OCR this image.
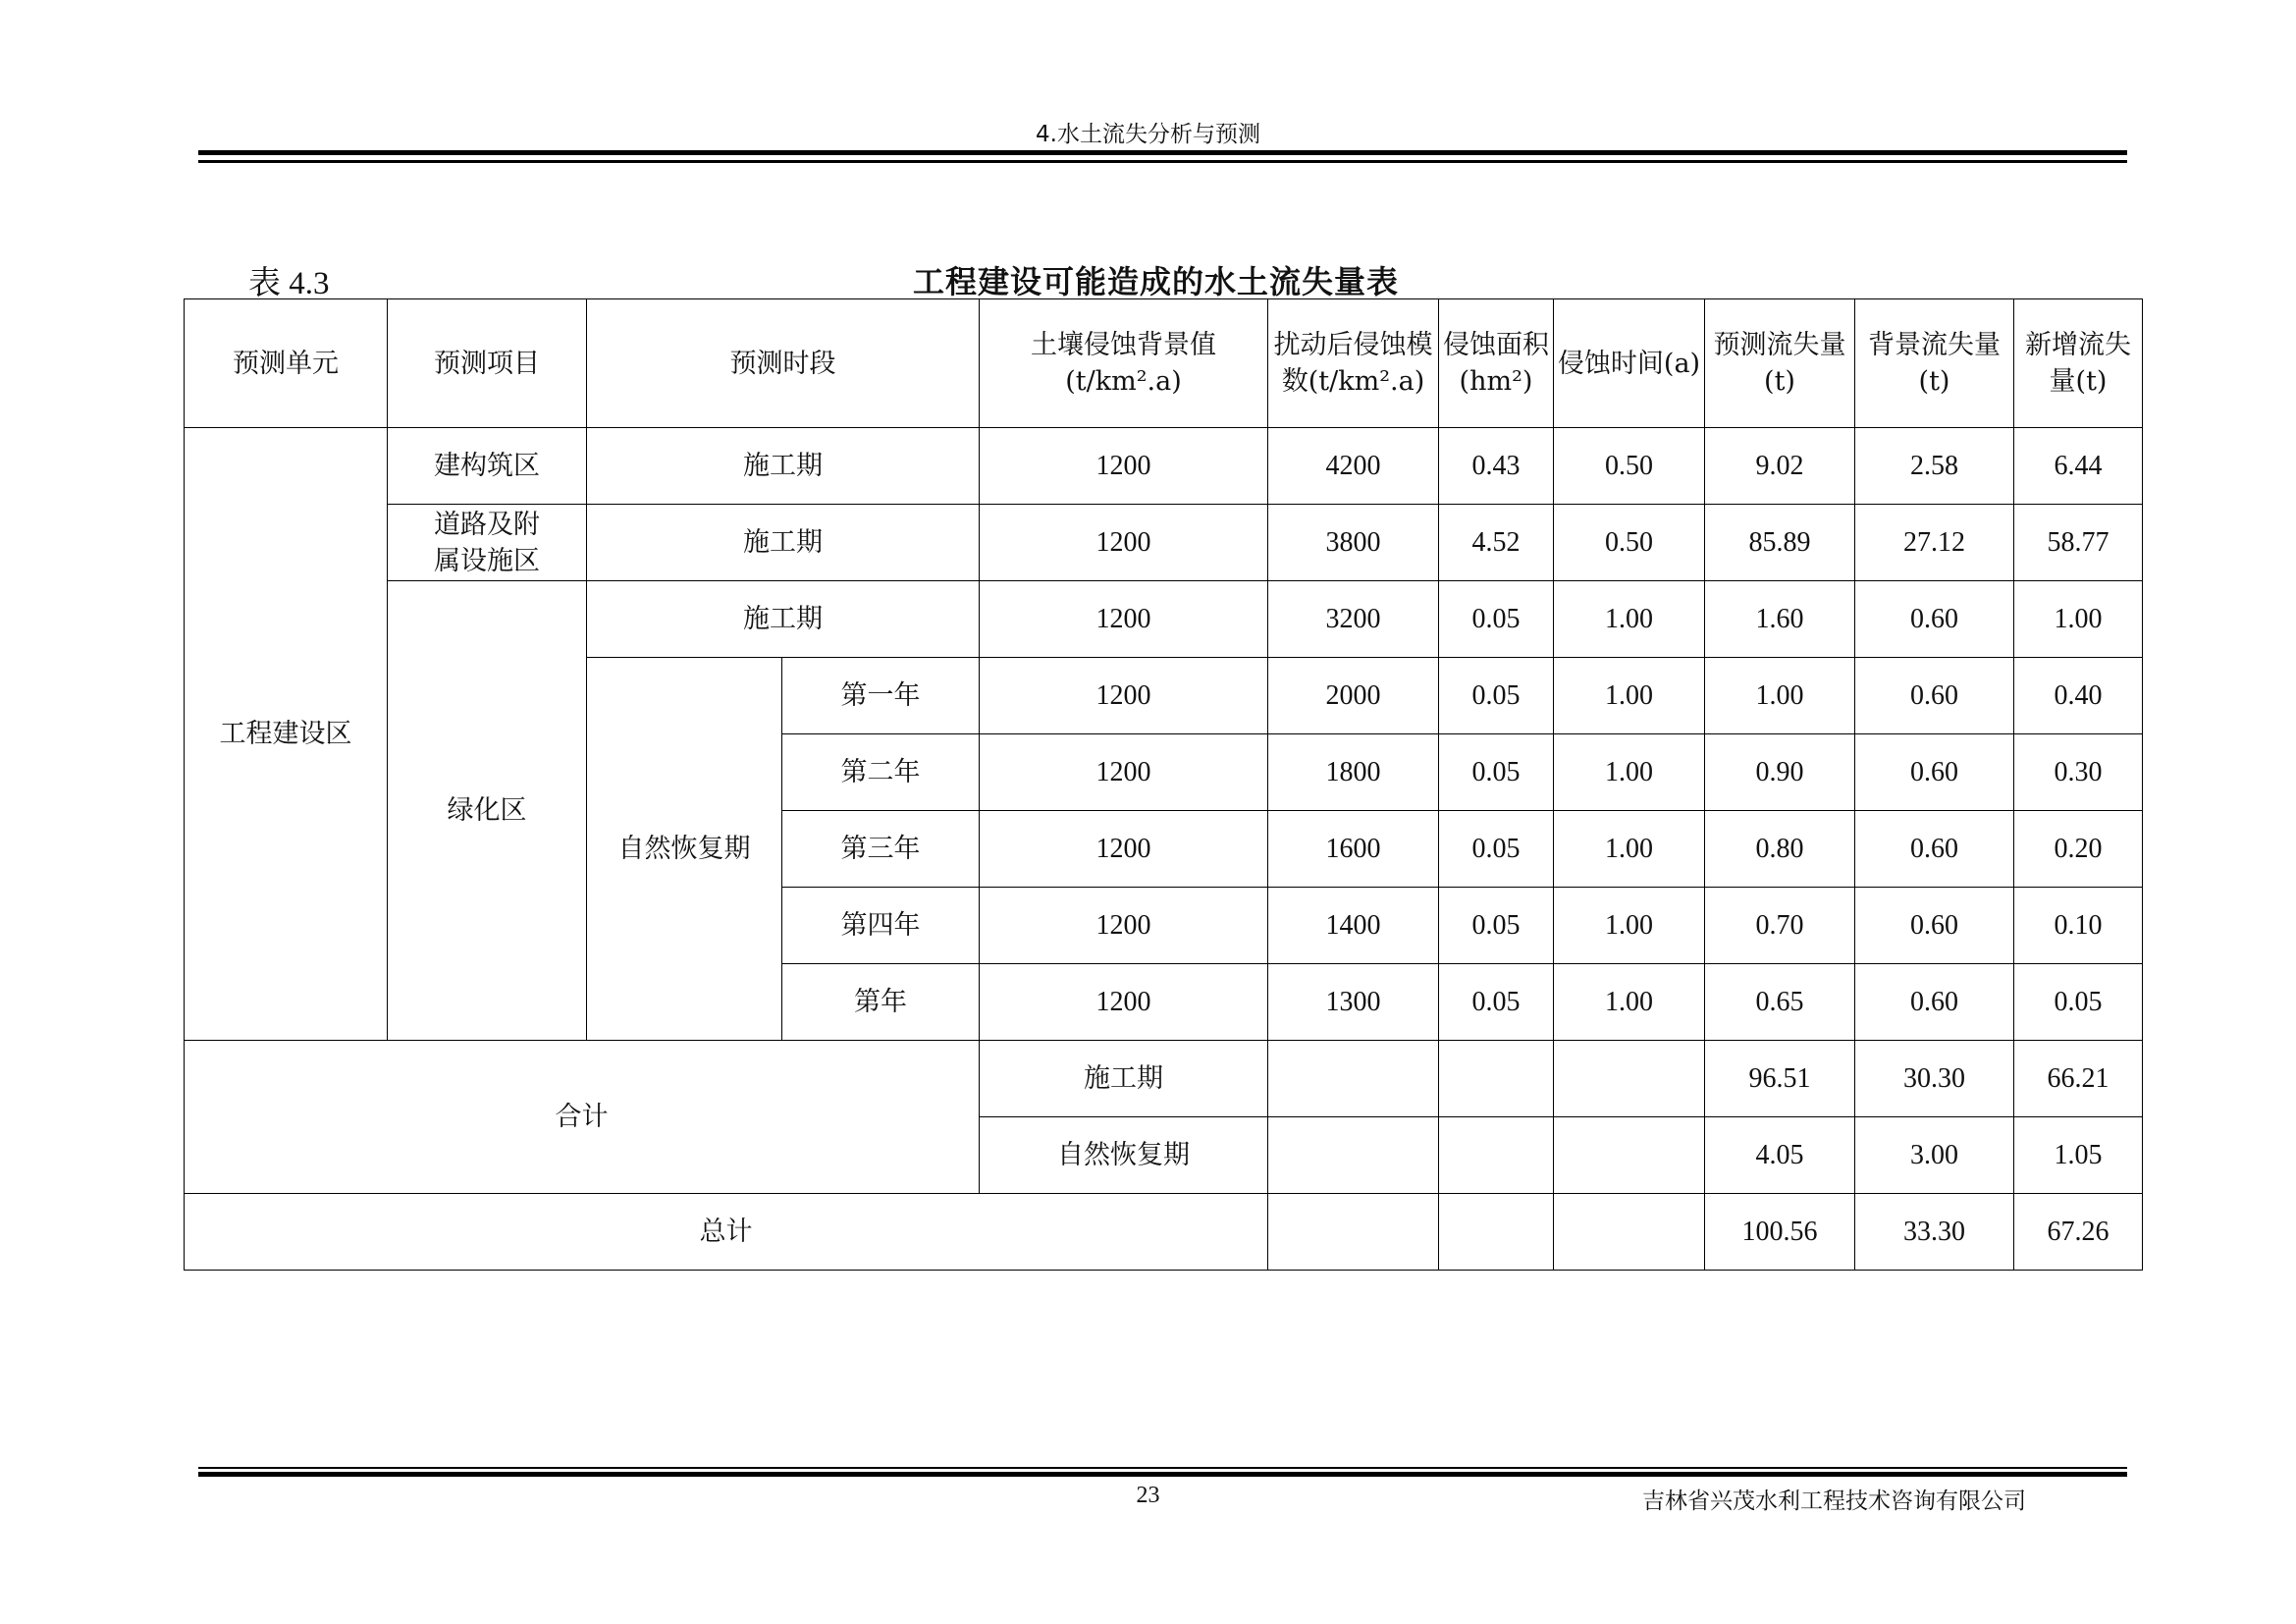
4.水土流失分析与预测
表 4.3	工程建设可能造成的水土流失量表
预测单元	预测项目	预测时段		土壤侵蚀背景值(t/km².a)	扰动后侵蚀模数(t/km².a)	侵蚀面积(hm²)	侵蚀时间(a)	预测流失量(t)	背景流失量(t)	新增流失量(t)
工程建设区	建构筑区	施工期		1200	4200	0.43	0.50	9.02	2.58	6.44
	道路及附属设施区	施工期		1200	3800	4.52	0.50	85.89	27.12	58.77
	绿化区	施工期		1200	3200	0.05	1.00	1.60	0.60	1.00
		自然恢复期	第一年	1200	2000	0.05	1.00	1.00	0.60	0.40
			第二年	1200	1800	0.05	1.00	0.90	0.60	0.30
			第三年	1200	1600	0.05	1.00	0.80	0.60	0.20
			第四年	1200	1400	0.05	1.00	0.70	0.60	0.10
			第年	1200	1300	0.05	1.00	0.65	0.60	0.05
合计				施工期				96.51	30.30	66.21
				自然恢复期				4.05	3.00	1.05
总计								100.56	33.30	67.26
23	吉林省兴茂水利工程技术咨询有限公司
